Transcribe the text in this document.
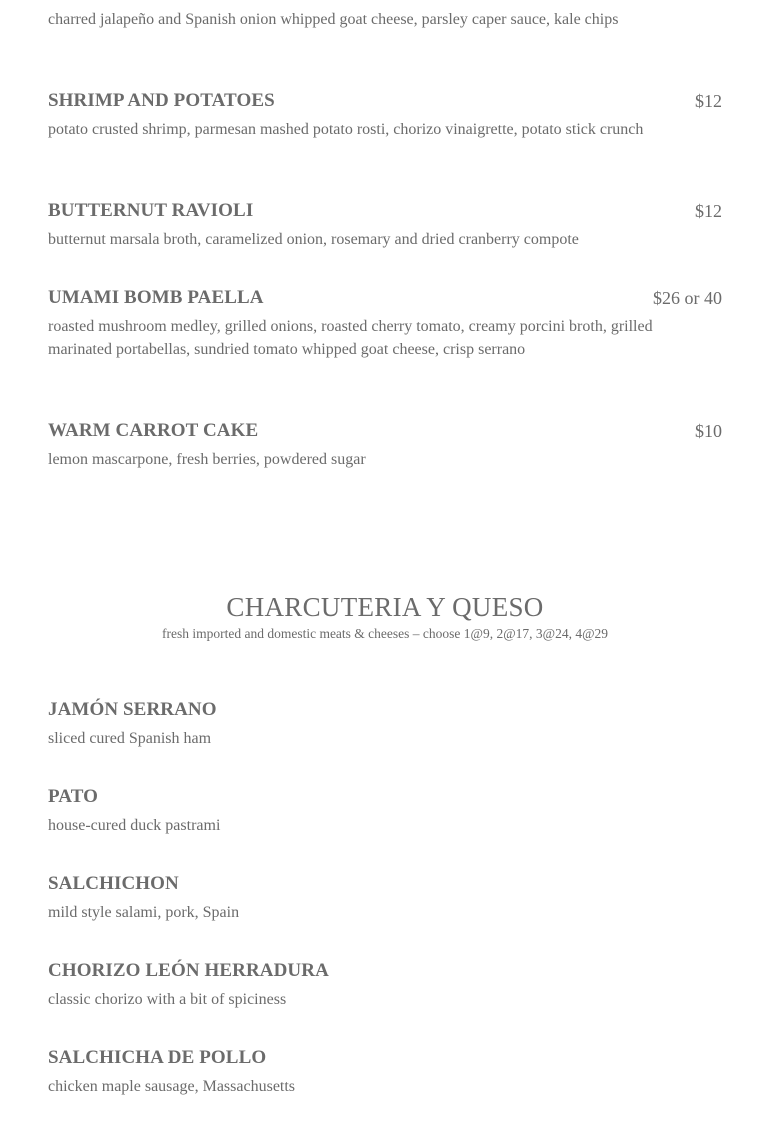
charred jalapeño and Spanish onion whipped goat cheese, parsley caper sauce, kale chips
SHRIMP AND POTATOES	$12
potato crusted shrimp, parmesan mashed potato rosti, chorizo vinaigrette, potato stick crunch
BUTTERNUT RAVIOLI	$12
butternut marsala broth, caramelized onion, rosemary and dried cranberry compote
UMAMI BOMB PAELLA	$26 or 40
roasted mushroom medley, grilled onions, roasted cherry tomato, creamy porcini broth, grilled marinated portabellas, sundried tomato whipped goat cheese, crisp serrano
WARM CARROT CAKE	$10
lemon mascarpone, fresh berries, powdered sugar
CHARCUTERIA Y QUESO
fresh imported and domestic meats & cheeses – choose 1@9, 2@17, 3@24, 4@29
JAMÓN SERRANO
sliced cured Spanish ham
PATO
house-cured duck pastrami
SALCHICHON
mild style salami, pork, Spain
CHORIZO LEÓN HERRADURA
classic chorizo with a bit of spiciness
SALCHICHA DE POLLO
chicken maple sausage, Massachusetts
